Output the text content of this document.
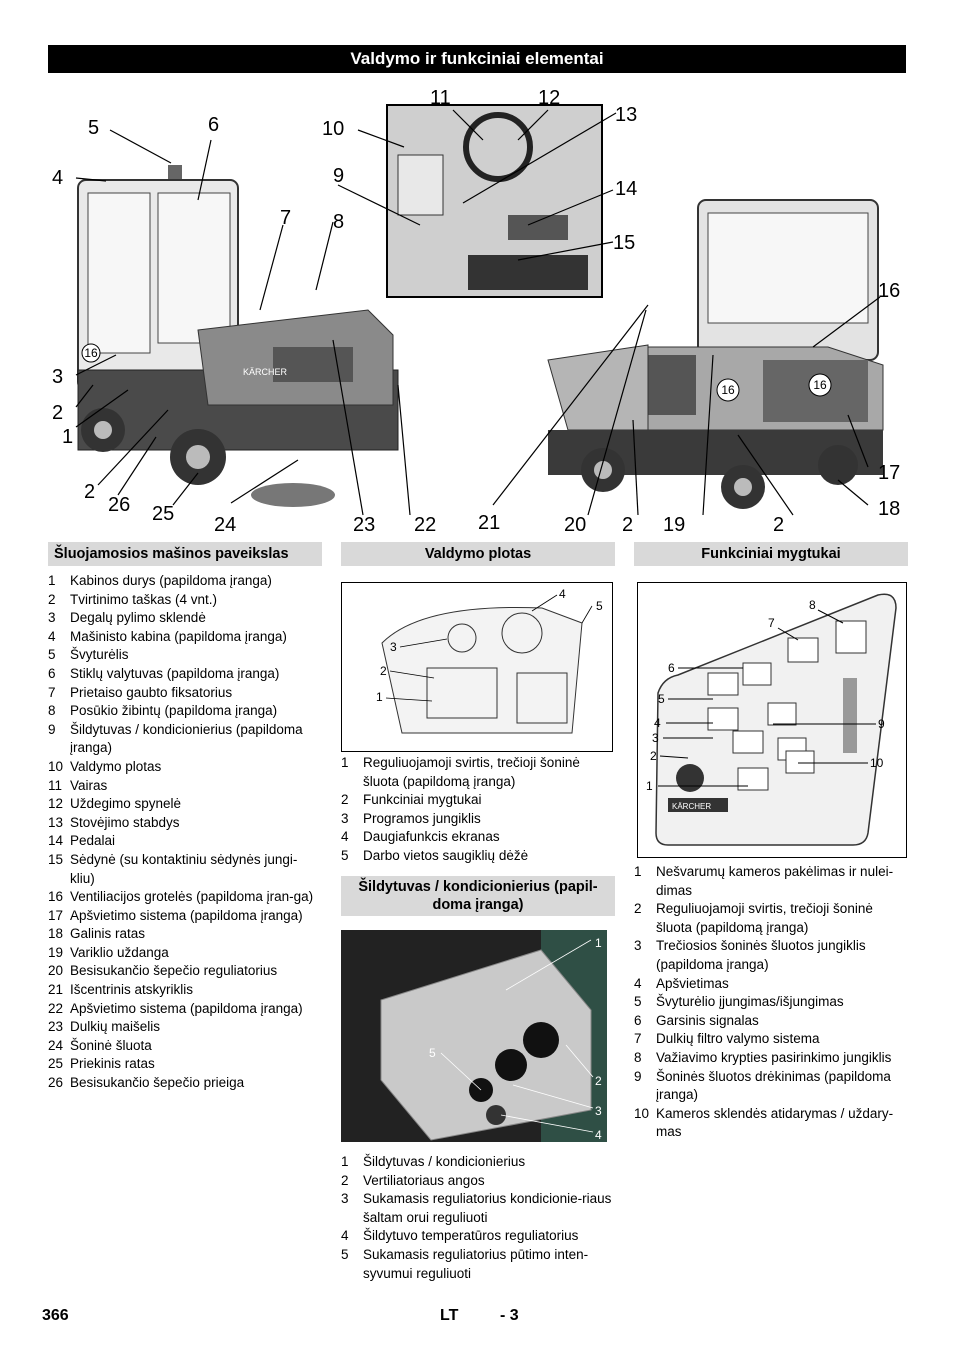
Valdymo ir funkciniai elementai
16
KÄRCHER
16	16
1
2
3
4
5	6
7 8
9
10
11	12
13
14
15
16
17
18
2
19
2
20
21
22
23
24
25
26
2
Šluojamosios mašinos paveikslas	Valdymo plotas	Funkciniai mygtukai
1	Kabinos durys (papildoma įranga)
2	Tvirtinimo taškas (4 vnt.)
3	Degalų pylimo sklendė
4	Mašinisto kabina (papildoma įranga)
5	Švyturėlis
6	Stiklų valytuvas (papildoma įranga)
7	Prietaiso gaubto fiksatorius
8	Posūkio žibintų (papildoma įranga)
9	Šildytuvas / kondicionierius (papildoma įranga)
10 Valdymo plotas
11 Vairas
12 Uždegimo spynelė
13 Stovėjimo stabdys
14 Pedalai
15 Sėdynė (su kontaktiniu sėdynės jungi-kliu)
16 Ventiliacijos grotelės (papildoma įran-ga)
17 Apšvietimo sistema (papildoma įranga)
18 Galinis ratas
19 Variklio uždanga
20 Besisukančio šepečio reguliatorius
21 Išcentrinis atskyriklis
22 Apšvietimo sistema (papildoma įranga)
23 Dulkių maišelis
24 Šoninė šluota
25 Priekinis ratas
26 Besisukančio šepečio prieiga
1
2
3
4
5
1	Reguliuojamoji svirtis, trečioji šoninė šluota (papildomą įranga)
2	Funkciniai mygtukai
3	Programos jungiklis
4	Daugiafunkcis ekranas
5	Darbo vietos saugiklių dėžė
Šildytuvas / kondicionierius (papil-doma įranga)
1
2
3
4
5
1	Šildytuvas / kondicionierius
2	Vertiliatoriaus angos
3	Sukamasis reguliatorius kondicionie-riaus šaltam orui reguliuoti
4	Šildytuvo temperatūros reguliatorius
5	Sukamasis reguliatorius pūtimo inten-syvumui reguliuoti
KÄRCHER
1
2
3
4
5
6
7
8
9
10
1	Nešvarumų kameros pakėlimas ir nulei-dimas
2	Reguliuojamoji svirtis, trečioji šoninė šluota (papildomą įranga)
3	Trečiosios šoninės šluotos jungiklis (papildoma įranga)
4	Apšvietimas
5	Švyturėlio įjungimas/išjungimas
6	Garsinis signalas
7	Dulkių filtro valymo sistema
8	Važiavimo krypties pasirinkimo jungiklis
9	Šoninės šluotos drėkinimas (papildoma įranga)
10 Kameros sklendės atidarymas / uždary-mas
366	LT	- 3
